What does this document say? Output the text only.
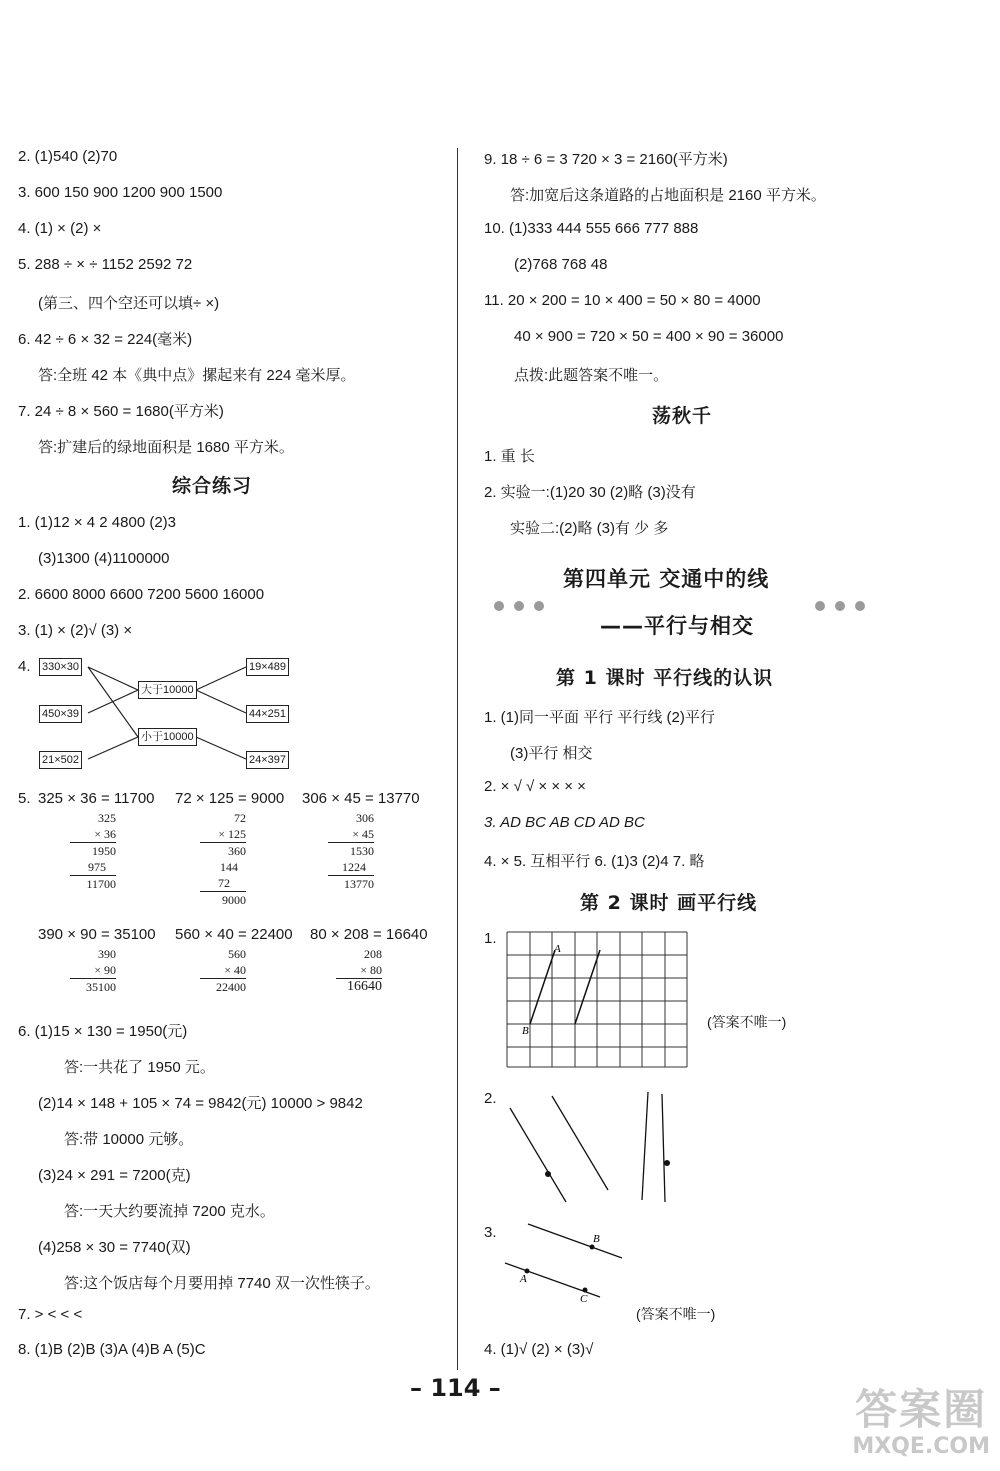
2. (1)540 (2)70
3. 600 150 900 1200 900 1500
4. (1) × (2) ×
5. 288 ÷ × ÷ 1152 2592 72
(第三、四个空还可以填÷ ×)
6. 42 ÷ 6 × 32 = 224(毫米)
答:全班 42 本《典中点》摞起来有 224 毫米厚。
7. 24 ÷ 8 × 560 = 1680(平方米)
答:扩建后的绿地面积是 1680 平方米。
综合练习
1. (1)12 × 4 2 4800 (2)3
(3)1300 (4)1100000
2. 6600 8000 6600 7200 5600 16000
3. (1) × (2)√ (3) ×
4. 330×30
450×39
21×502
大于10000
小于10000
19×489
44×251
24×397
5. 325 × 36 = 11700 72 × 125 = 9000 306 × 45 = 13770
325
× 36
1950
975
11700
72
× 125
360
144
72
9000
306
× 45
1530
1224
13770
390 × 90 = 35100 560 × 40 = 22400 80 × 208 = 16640
390
× 90
35100
560
× 40
22400
208
× 80
16640
6. (1)15 × 130 = 1950(元)
答:一共花了 1950 元。
(2)14 × 148 + 105 × 74 = 9842(元) 10000 > 9842
答:带 10000 元够。
(3)24 × 291 = 7200(克)
答:一天大约要流掉 7200 克水。
(4)258 × 30 = 7740(双)
答:这个饭店每个月要用掉 7740 双一次性筷子。
7. > < < <
8. (1)B (2)B (3)A (4)B A (5)C
9. 18 ÷ 6 = 3 720 × 3 = 2160(平方米)
答:加宽后这条道路的占地面积是 2160 平方米。
10. (1)333 444 555 666 777 888
(2)768 768 48
11. 20 × 200 = 10 × 400 = 50 × 80 = 4000
40 × 900 = 720 × 50 = 400 × 90 = 36000
点拨:此题答案不唯一。
荡秋千
1. 重 长
2. 实验一:(1)20 30 (2)略 (3)没有
实验二:(2)略 (3)有 少 多
第四单元 交通中的线
——平行与相交
第 1 课时 平行线的认识
1. (1)同一平面 平行 平行线 (2)平行
(3)平行 相交
2. × √ √ × × × ×
3. AD BC AB CD AD BC
4. × 5. 互相平行 6. (1)3 (2)4 7. 略
第 2 课时 画平行线
1.
A
B
(答案不唯一)
2.
3.	B
A
C
(答案不唯一)
4. (1)√ (2) × (3)√
– 114 –	答案圈
MXQE.COM
